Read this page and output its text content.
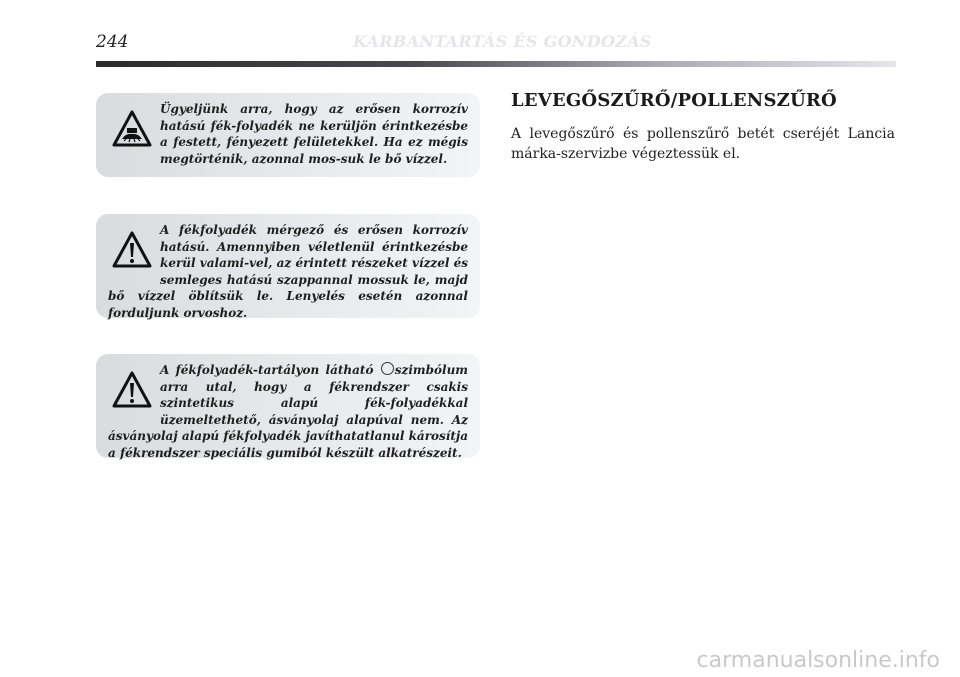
244	KARBANTARTÁS ÉS GONDOZÁS

Ügyeljünk arra, hogy az erősen korrozív hatású fék-folyadék ne kerüljön érintkezésbe a festett, fényezett felületekkel. Ha ez mégis megtörténik, azonnal mos-suk le bő vízzel.

A fékfolyadék mérgező és erősen korrozív hatású. Amennyiben véletlenül érintkezésbe kerül valami-vel, az érintett részeket vízzel és semleges hatású szappannal mossuk le, majd bő vízzel öblítsük le. Lenyelés esetén azonnal forduljunk orvoshoz.

A fékfolyadék-tartályon látható szimbólum arra utal, hogy a fékrendszer csakis szintetikus alapú fék-folyadékkal üzemeltethető, ásványolaj alapúval nem. Az ásványolaj alapú fékfolyadék javíthatatlanul károsítja a fékrendszer speciális gumiból készült alkatrészeit.

LEVEGŐSZŰRŐ/POLLENSZŰRŐ

A levegőszűrő és pollenszűrő betét cseréjét Lancia márka-szervizbe végeztessük el.

carmanualsonline.info
